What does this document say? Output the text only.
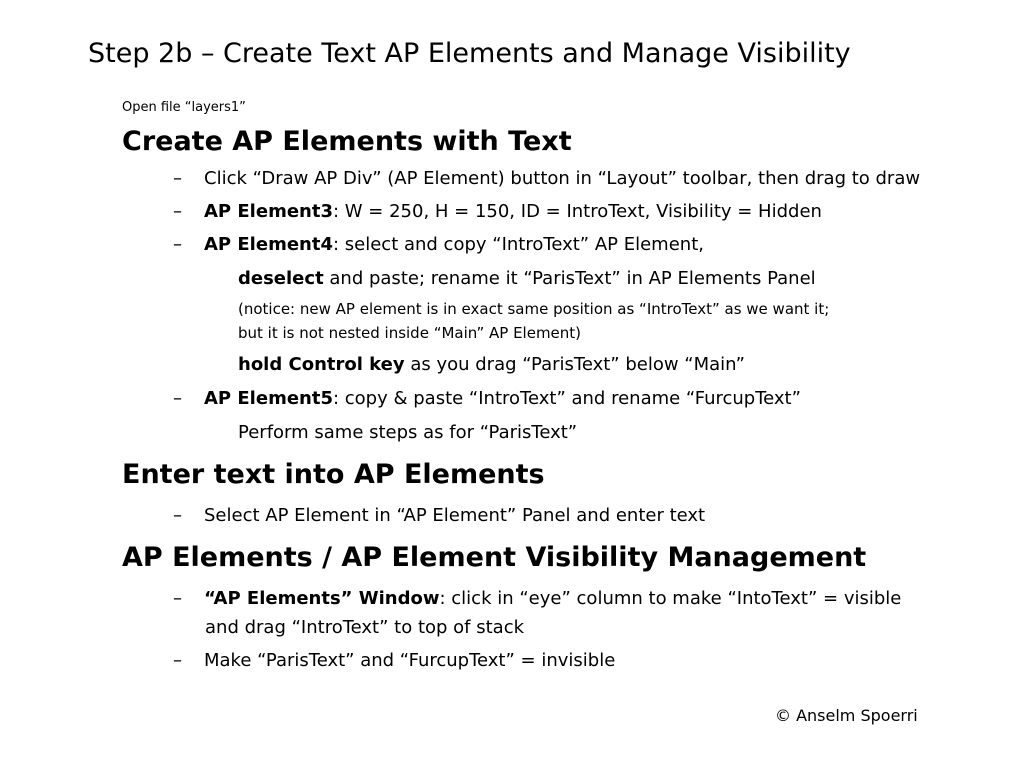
Step 2b – Create Text AP Elements and Manage Visibility
Open file “layers1”
Create AP Elements with Text
– Click “Draw AP Div” (AP Element) button in “Layout” toolbar, then drag to draw
– AP Element3: W = 250, H = 150, ID = IntroText, Visibility = Hidden
– AP Element4: select and copy “IntroText” AP Element,
deselect and paste; rename it “ParisText” in AP Elements Panel
(notice: new AP element is in exact same position as “IntroText” as we want it;
but it is not nested inside “Main” AP Element)
hold Control key as you drag “ParisText” below “Main”
– AP Element5: copy & paste “IntroText” and rename “FurcupText”
Perform same steps as for “ParisText”
Enter text into AP Elements
– Select AP Element in “AP Element” Panel and enter text
AP Elements / AP Element Visibility Management
– “AP Elements” Window: click in “eye” column to make “IntoText” = visible
and drag “IntroText” to top of stack
– Make “ParisText” and “FurcupText” = invisible
© Anselm Spoerri
